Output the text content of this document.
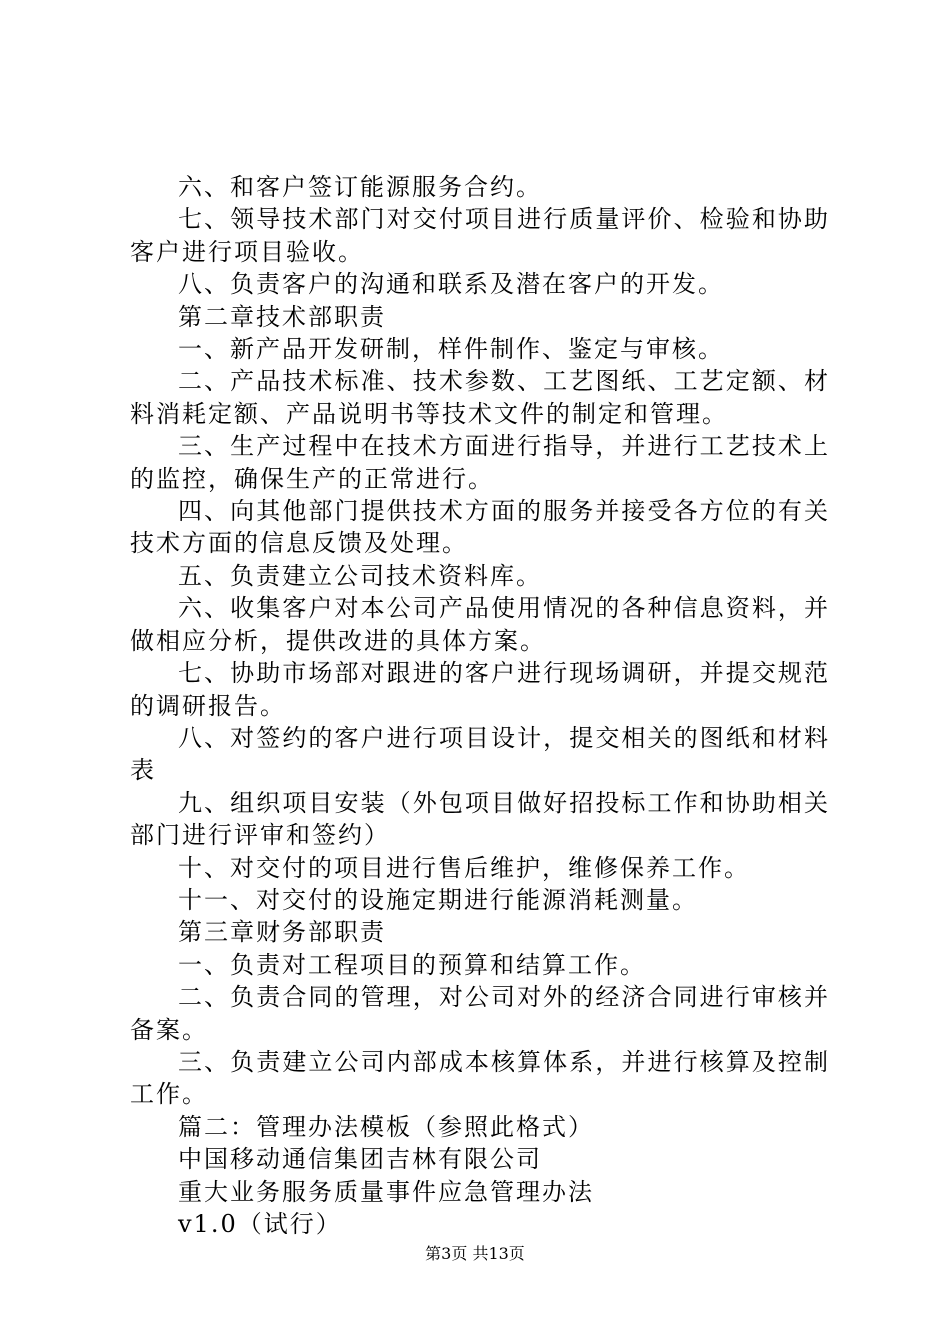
六、和客户签订能源服务合约。

七、领导技术部门对交付项目进行质量评价、检验和协助客户进行项目验收。

八、负责客户的沟通和联系及潜在客户的开发。

第二章技术部职责

一、新产品开发研制，样件制作、鉴定与审核。

二、产品技术标准、技术参数、工艺图纸、工艺定额、材料消耗定额、产品说明书等技术文件的制定和管理。

三、生产过程中在技术方面进行指导，并进行工艺技术上的监控，确保生产的正常进行。

四、向其他部门提供技术方面的服务并接受各方位的有关技术方面的信息反馈及处理。

五、负责建立公司技术资料库。

六、收集客户对本公司产品使用情况的各种信息资料，并做相应分析，提供改进的具体方案。

七、协助市场部对跟进的客户进行现场调研，并提交规范的调研报告。

八、对签约的客户进行项目设计，提交相关的图纸和材料表

九、组织项目安装（外包项目做好招投标工作和协助相关部门进行评审和签约）

十、对交付的项目进行售后维护，维修保养工作。

十一、对交付的设施定期进行能源消耗测量。

第三章财务部职责

一、负责对工程项目的预算和结算工作。

二、负责合同的管理，对公司对外的经济合同进行审核并备案。

三、负责建立公司内部成本核算体系，并进行核算及控制工作。

篇二：管理办法模板（参照此格式）

中国移动通信集团吉林有限公司

重大业务服务质量事件应急管理办法

v1.0（试行）

第3页 共13页
